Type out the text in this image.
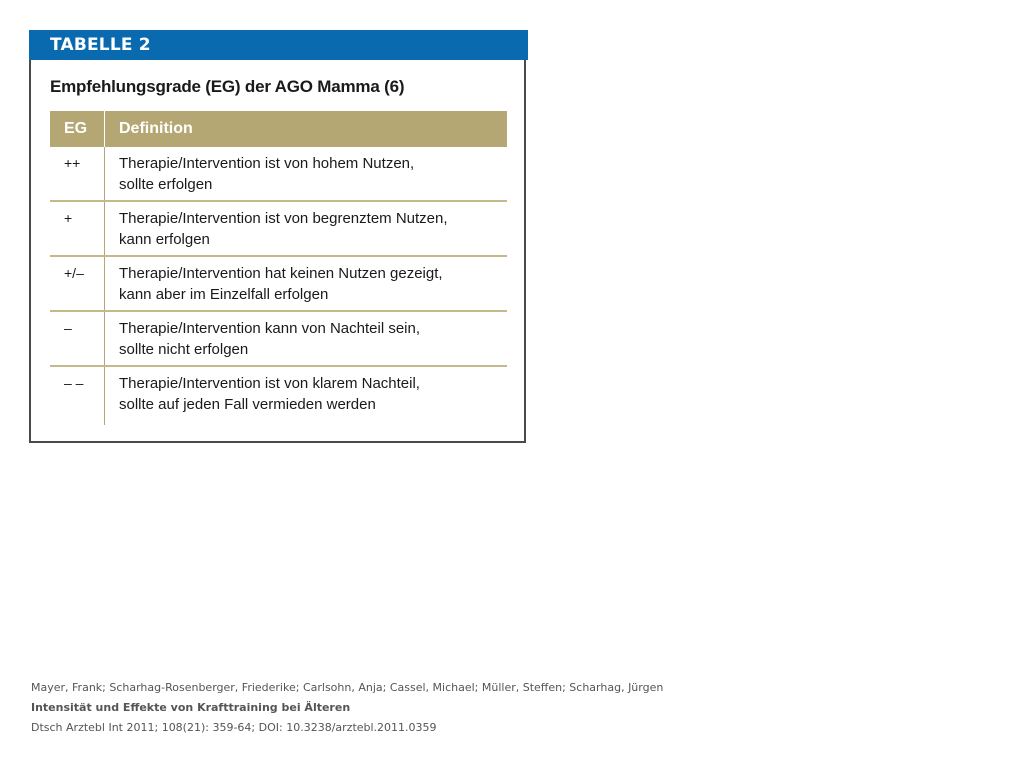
TABELLE 2
Empfehlungsgrade (EG) der AGO Mamma (6)
EG	Definition
++	Therapie/Intervention ist von hohem Nutzen,
sollte erfolgen
+	Therapie/Intervention ist von begrenztem Nutzen,
kann erfolgen
+/–	Therapie/Intervention hat keinen Nutzen gezeigt,
kann aber im Einzelfall erfolgen
–	Therapie/Intervention kann von Nachteil sein,
sollte nicht erfolgen
– –	Therapie/Intervention ist von klarem Nachteil,
sollte auf jeden Fall vermieden werden
Mayer, Frank; Scharhag-Rosenberger, Friederike; Carlsohn, Anja; Cassel, Michael; Müller, Steffen; Scharhag, Jürgen
Intensität und Effekte von Krafttraining bei Älteren
Dtsch Arztebl Int 2011; 108(21): 359-64; DOI: 10.3238/arztebl.2011.0359
